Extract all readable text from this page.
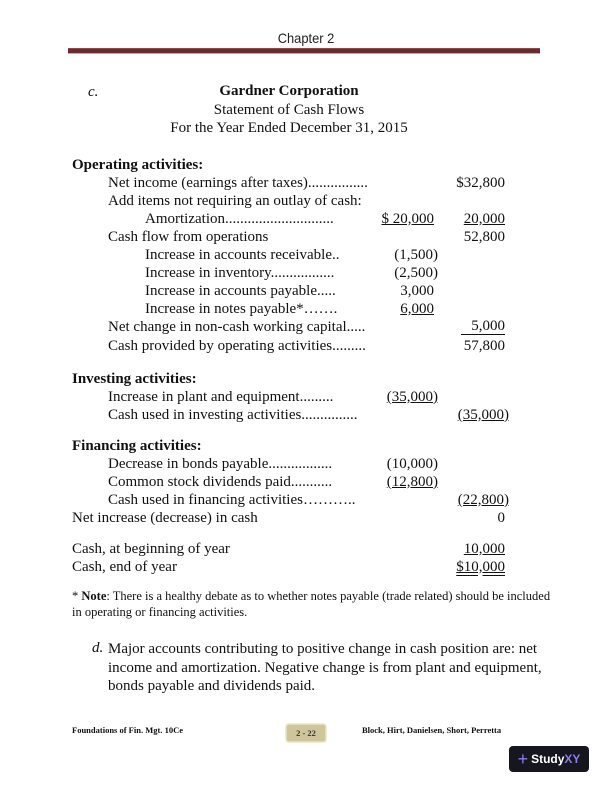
Chapter 2
c.	Gardner Corporation
Statement of Cash Flows
For the Year Ended December 31, 2015
Operating activities:
Net income (earnings after taxes)................	$32,800
Add items not requiring an outlay of cash:
Amortization.............................	$ 20,000 20,000
Cash flow from operations	52,800
Increase in accounts receivable..	(1,500)
Increase in inventory.................	(2,500)
Increase in accounts payable.....	3,000
Increase in notes payable*…….	6,000
Net change in non-cash working capital.....	5,000
Cash provided by operating activities.........	57,800
Investing activities:
Increase in plant and equipment.........	(35,000)
Cash used in investing activities...............	(35,000)
Financing activities:
Decrease in bonds payable.................	(10,000)
Common stock dividends paid...........	(12,800)
Cash used in financing activities………..	(22,800)
Net increase (decrease) in cash	0
Cash, at beginning of year	10,000
Cash, end of year	$10,000
* Note: There is a healthy debate as to whether notes payable (trade related) should be included in operating or financing activities.
d. Major accounts contributing to positive change in cash position are: net income and amortization. Negative change is from plant and equipment, bonds payable and dividends paid.
Foundations of Fin. Mgt. 10Ce	2 - 22	Block, Hirt, Danielsen, Short, Perretta
+ Study XY
